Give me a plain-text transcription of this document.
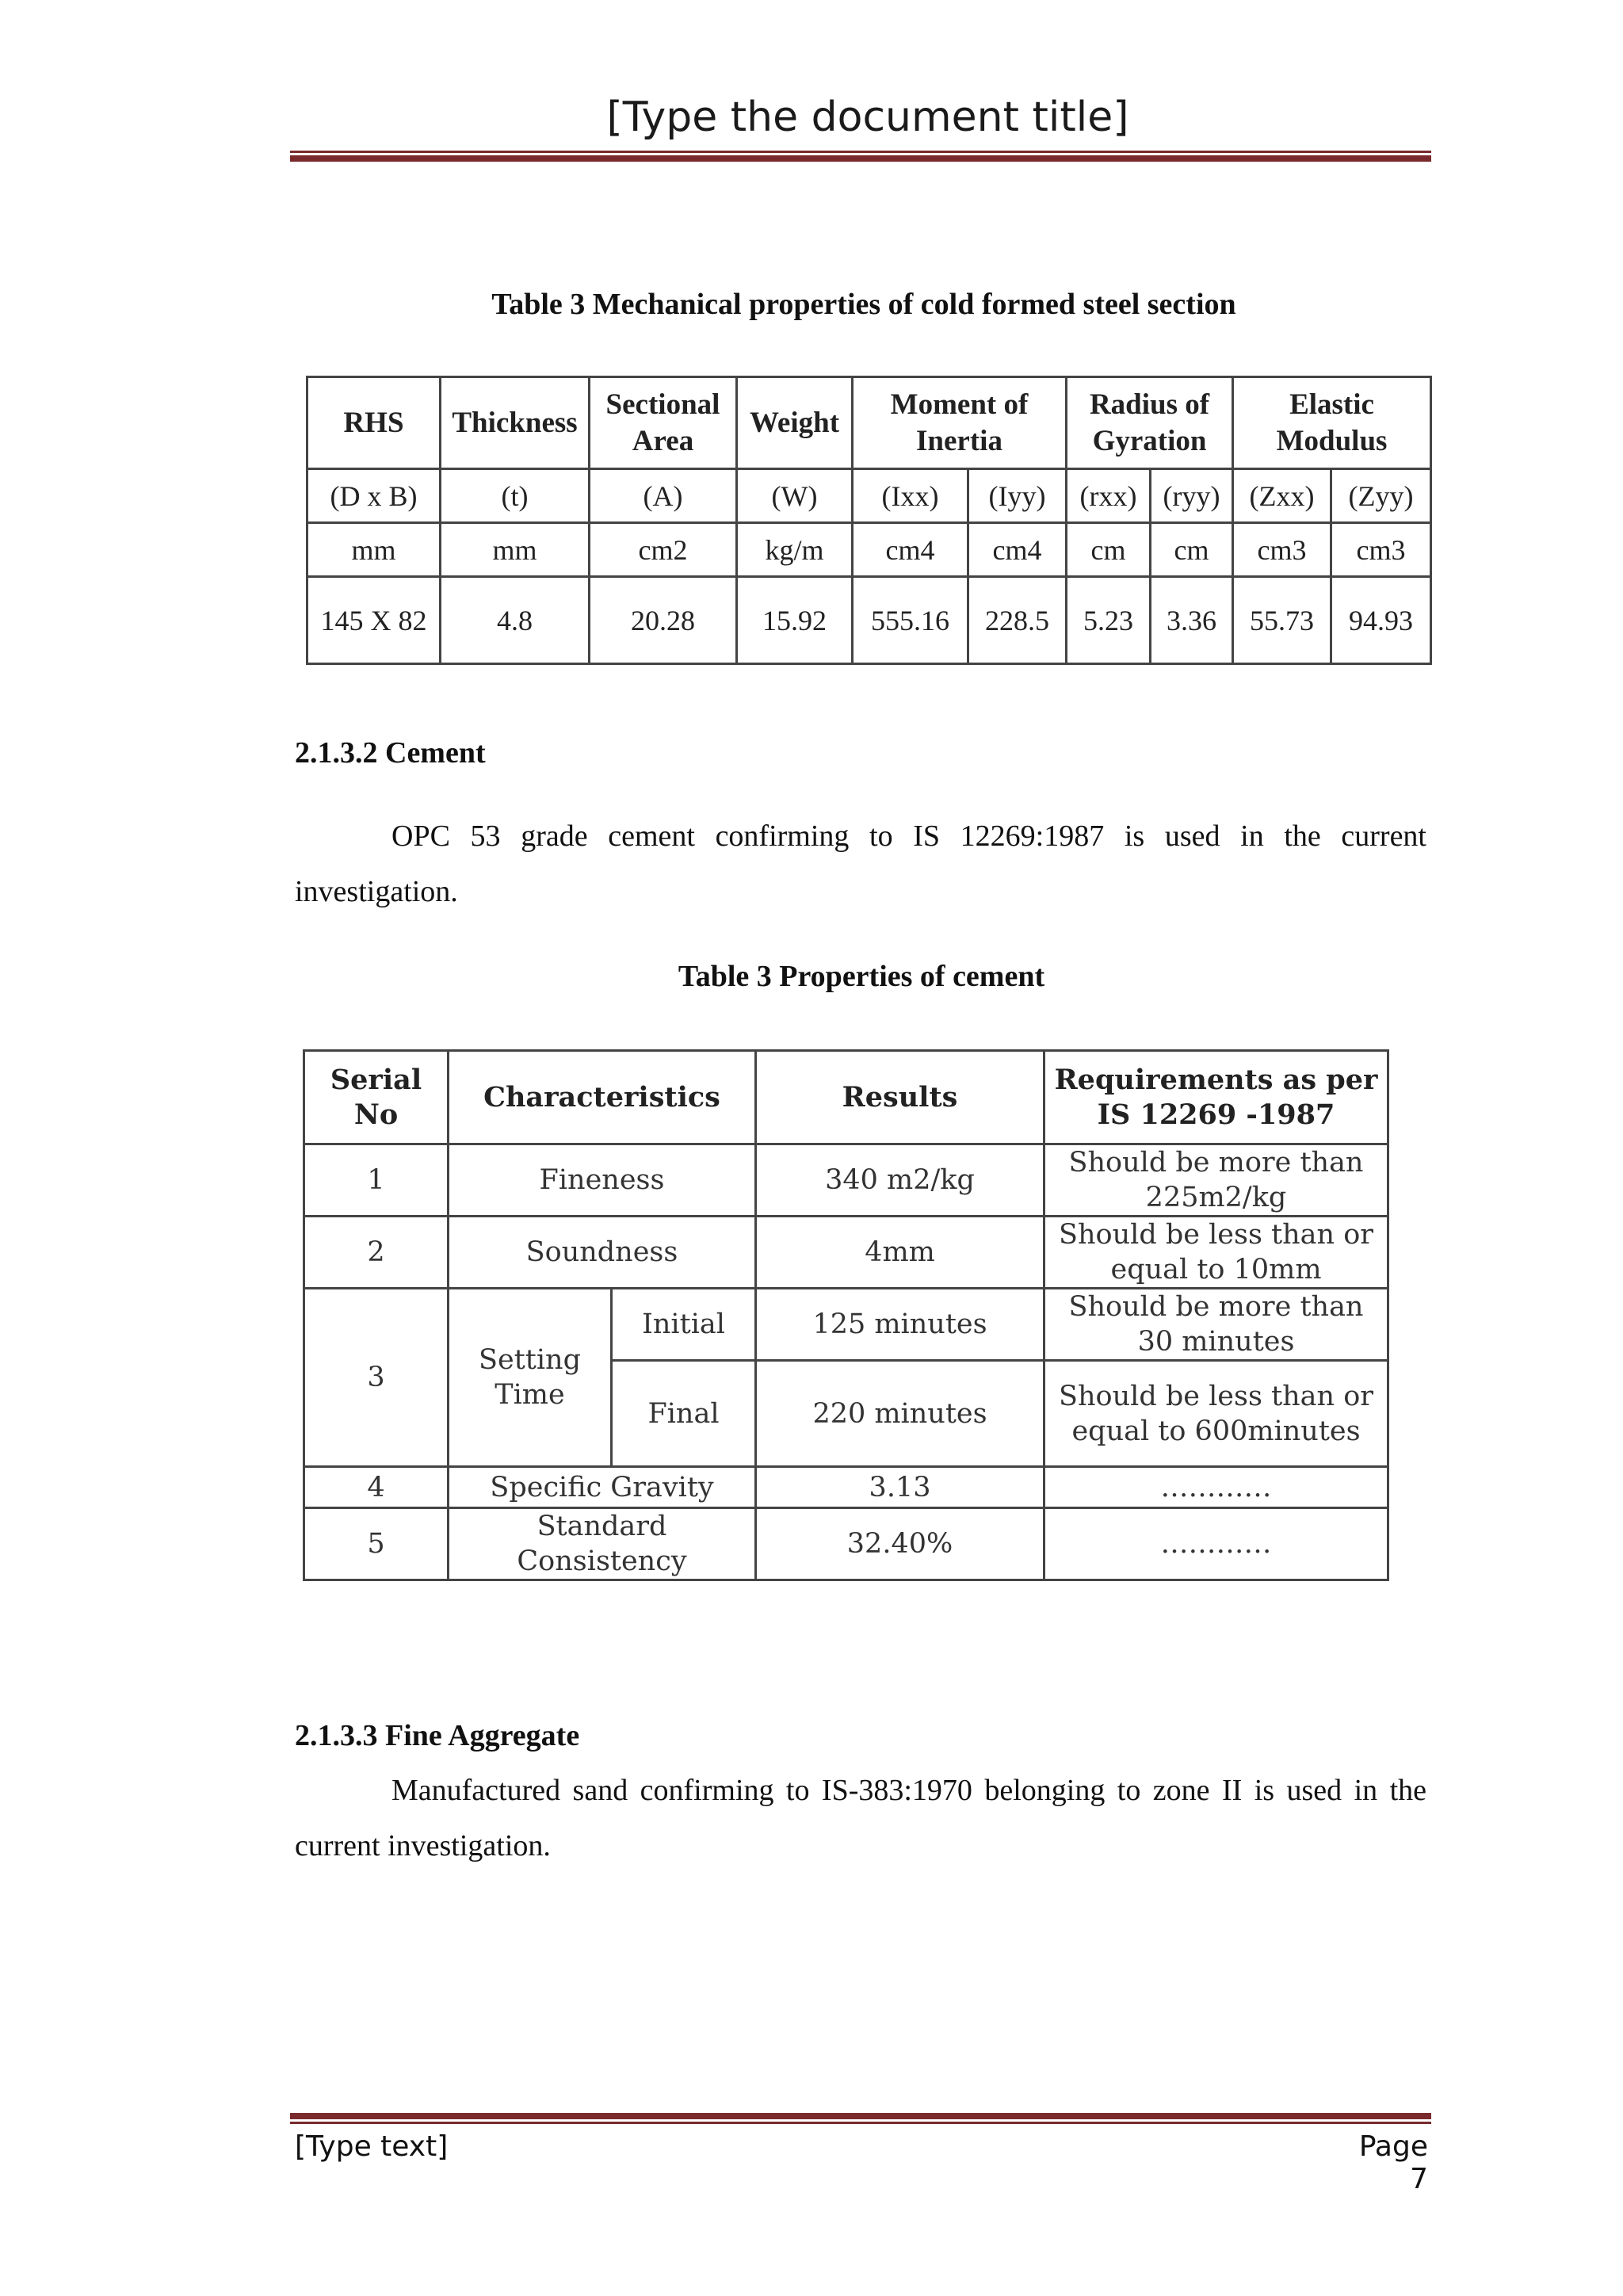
[Type the document title]
Table 3 Mechanical properties of cold formed steel section
RHS	Thickness	Sectional Area	Weight	Moment of Inertia		Radius of Gyration		Elastic Modulus	
(D x B)	(t)	(A)	(W)	(Ixx)	(Iyy)	(rxx)	(ryy)	(Zxx)	(Zyy)
mm	mm	cm2	kg/m	cm4	cm4	cm	cm	cm3	cm3
145 X 82	4.8	20.28	15.92	555.16	228.5	5.23	3.36	55.73	94.93
2.1.3.2 Cement
OPC 53 grade cement confirming to IS 12269:1987 is used in the current investigation.
Table 3 Properties of cement
Serial No	Characteristics		Results	Requirements as per IS 12269 -1987
1	Fineness		340 m2/kg	Should be more than 225m2/kg
2	Soundness		4mm	Should be less than or equal to 10mm
3	Setting Time	Initial	125 minutes	Should be more than 30 minutes
		Final	220 minutes	Should be less than or equal to 600minutes
4	Specific Gravity		3.13	…………
5	Standard Consistency		32.40%	…………
2.1.3.3 Fine Aggregate
Manufactured sand confirming to IS-383:1970 belonging to zone II is used in the current investigation.
[Type text]	Page 7
